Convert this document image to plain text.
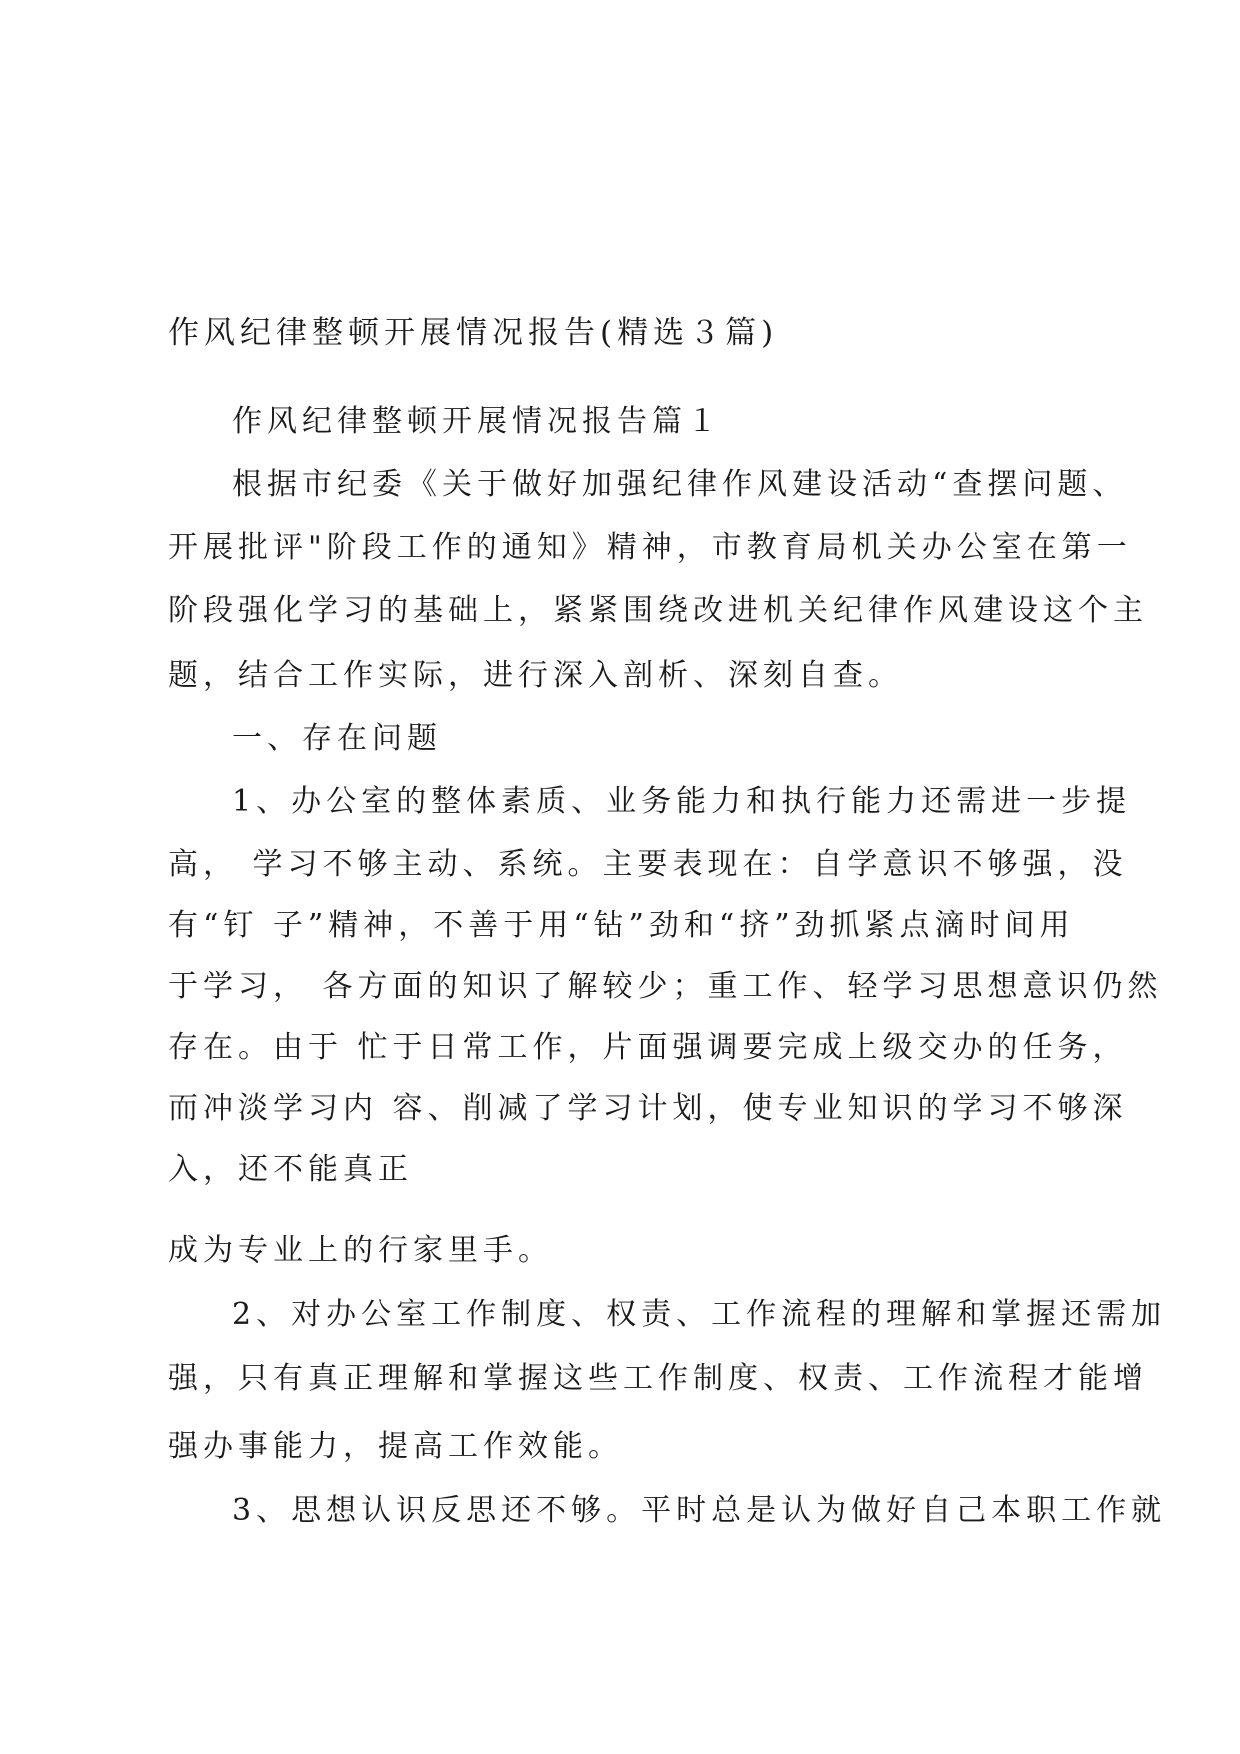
作风纪律整顿开展情况报告(精选３篇)
作风纪律整顿开展情况报告篇１
根据市纪委《关于做好加强纪律作风建设活动“查摆问题、
开展批评"阶段工作的通知》精神，市教育局机关办公室在第一
阶段强化学习的基础上，紧紧围绕改进机关纪律作风建设这个主
题，结合工作实际，进行深入剖析、深刻自查。
一、存在问题
1、办公室的整体素质、业务能力和执行能力还需进一步提
高， 学习不够主动、系统。主要表现在：自学意识不够强，没
有“钉 子”精神，不善于用“钻”劲和“挤”劲抓紧点滴时间用
于学习， 各方面的知识了解较少；重工作、轻学习思想意识仍然
存在。由于 忙于日常工作，片面强调要完成上级交办的任务，
而冲淡学习内 容、削减了学习计划，使专业知识的学习不够深
入，还不能真正
成为专业上的行家里手。
2、对办公室工作制度、权责、工作流程的理解和掌握还需加
强，只有真正理解和掌握这些工作制度、权责、工作流程才能增
强办事能力，提高工作效能。
3、思想认识反思还不够。平时总是认为做好自己本职工作就
